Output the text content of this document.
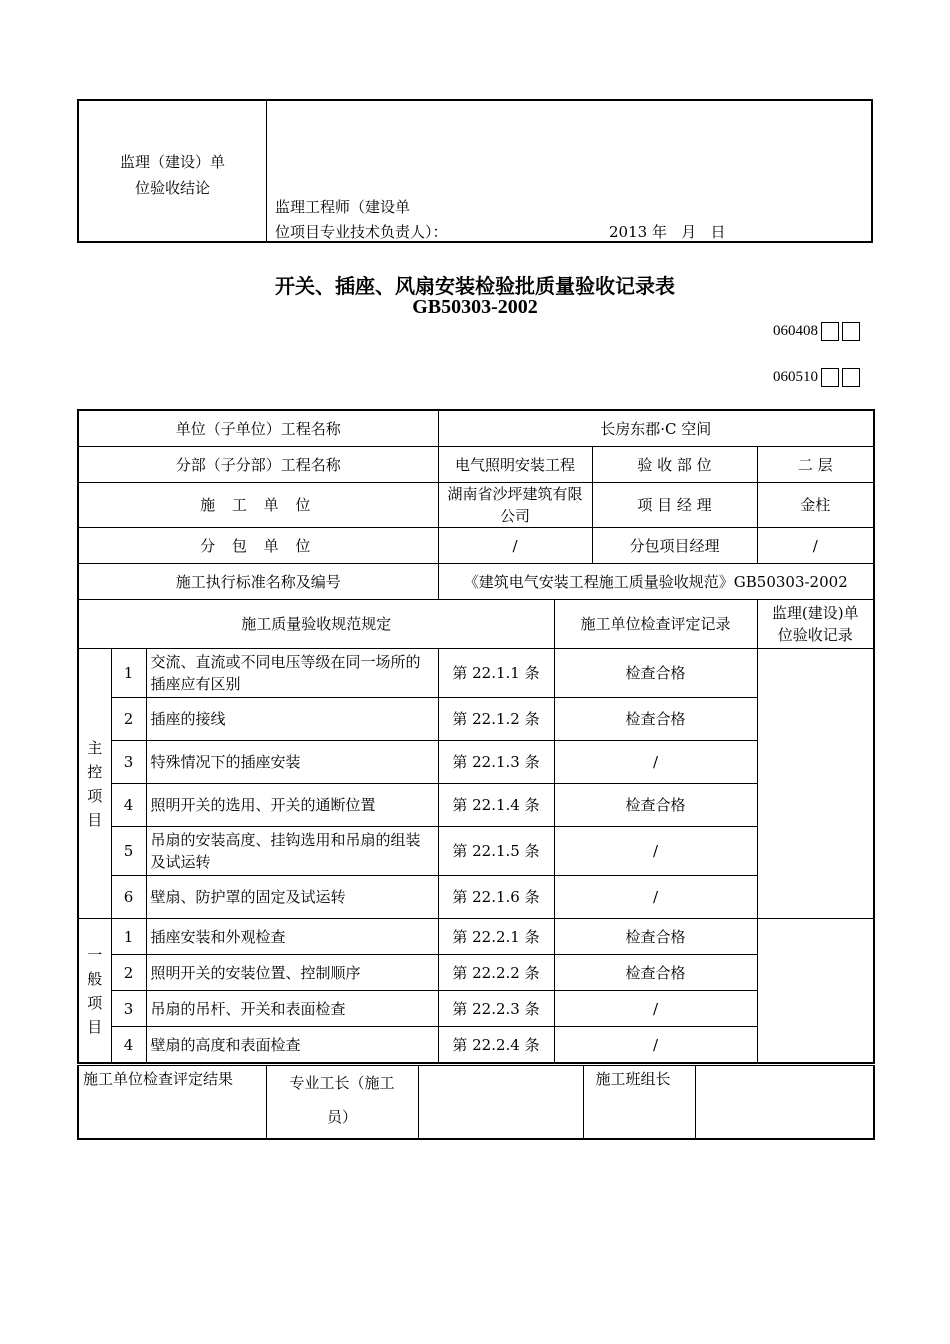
监理（建设）单
位验收结论
监理工程师（建设单
位项目专业技术负责人）：	2013 年   月   日
开关、插座、风扇安装检验批质量验收记录表
GB50303-2002
060408
060510
单位（子单位）工程名称			长房东郡·C 空间			
分部（子分部）工程名称			电气照明安装工程		验 收 部 位	二 层
施 工 单 位			湖南省沙坪建筑有限公司		项 目 经 理	金柱
分 包 单 位			/		分包项目经理	/
施工执行标准名称及编号			《建筑电气安装工程施工质量验收规范》GB50303-2002			
施工质量验收规范规定				施工单位检查评定记录		监理(建设)单
位验收记录

主
控
项
目	1	交流、直流或不同电压等级在同一场所的插座应有区别	第 22.1.1 条	检查合格		
	2	插座的接线	第 22.1.2 条	检查合格		
	3	特殊情况下的插座安装	第 22.1.3 条	/		
	4	照明开关的选用、开关的通断位置	第 22.1.4 条	检查合格		
	5	吊扇的安装高度、挂钩选用和吊扇的组装及试运转	第 22.1.5 条	/		
	6	壁扇、防护罩的固定及试运转	第 22.1.6 条	/		

一
般
项
目	1	插座安装和外观检查	第 22.2.1 条	检查合格		
	2	照明开关的安装位置、控制顺序	第 22.2.2 条	检查合格		
	3	吊扇的吊杆、开关和表面检查	第 22.2.3 条	/		
	4	壁扇的高度和表面检查	第 22.2.4 条	/		
施工单位检查评定结果	专业工长（施工
员）
		施工班组长	
